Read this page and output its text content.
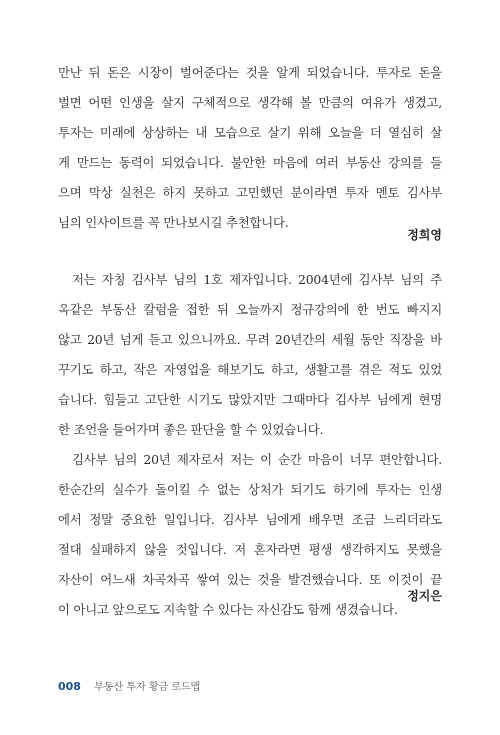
만난 뒤 돈은 시장이 벌어준다는 것을 알게 되었습니다. 투자로 돈을
벌면 어떤 인생을 살지 구체적으로 생각해 볼 만큼의 여유가 생겼고,
투자는 미래에 상상하는 내 모습으로 살기 위해 오늘을 더 열심히 살
게 만드는 동력이 되었습니다. 불안한 마음에 여러 부동산 강의를 들
으며 막상 실천은 하지 못하고 고민했던 분이라면 투자 멘토 김사부
님의 인사이트를 꼭 만나보시길 추천합니다.
정희영
저는 자칭 김사부 님의 1호 제자입니다. 2004년에 김사부 님의 주
옥같은 부동산 칼럼을 접한 뒤 오늘까지 정규강의에 한 번도 빠지지
않고 20년 넘게 듣고 있으니까요. 무려 20년간의 세월 동안 직장을 바
꾸기도 하고, 작은 자영업을 해보기도 하고, 생활고를 겪은 적도 있었
습니다. 힘들고 고단한 시기도 많았지만 그때마다 김사부 님에게 현명
한 조언을 들어가며 좋은 판단을 할 수 있었습니다.
김사부 님의 20년 제자로서 저는 이 순간 마음이 너무 편안합니다.
한순간의 실수가 돌이킬 수 없는 상처가 되기도 하기에 투자는 인생
에서 정말 중요한 일입니다. 김사부 님에게 배우면 조금 느리더라도
절대 실패하지 않을 것입니다. 저 혼자라면 평생 생각하지도 못했을
자산이 어느새 차곡차곡 쌓여 있는 것을 발견했습니다. 또 이것이 끝
이 아니고 앞으로도 지속할 수 있다는 자신감도 함께 생겼습니다.
정지은
008 부동산 투자 황금 로드맵
